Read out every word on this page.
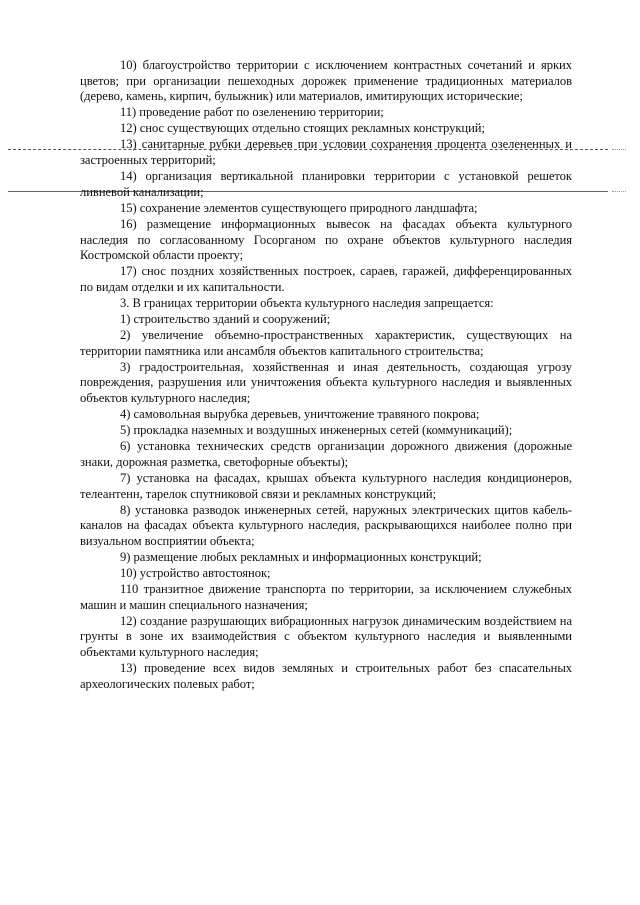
10) благоустройство территории с исключением контрастных сочетаний и ярких цветов; при организации пешеходных дорожек применение традиционных материалов (дерево, камень, кирпич, булыжник) или материалов, имитирующих исторические;

11) проведение работ по озеленению территории;

12) снос существующих отдельно стоящих рекламных конструкций;

13) санитарные рубки деревьев при условии сохранения процента озелененных и застроенных территорий;

14) организация вертикальной планировки территории с установкой решеток ливневой канализации;

15) сохранение элементов существующего природного ландшафта;

16) размещение информационных вывесок на фасадах объекта культурного наследия по согласованному Госорганом по охране объектов культурного наследия Костромской области проекту;

17) снос поздних хозяйственных построек, сараев, гаражей, дифференцированных по видам отделки и их капитальности.

3. В границах территории объекта культурного наследия запрещается:

1) строительство зданий и сооружений;

2) увеличение объемно-пространственных характеристик, существующих на территории памятника или ансамбля объектов капитального строительства;

3) градостроительная, хозяйственная и иная деятельность, создающая угрозу повреждения, разрушения или уничтожения объекта культурного наследия и выявленных объектов культурного наследия;

4) самовольная вырубка деревьев, уничтожение травяного покрова;

5) прокладка наземных и воздушных инженерных сетей (коммуникаций);

6) установка технических средств организации дорожного движения (дорожные знаки, дорожная разметка, светофорные объекты);

7) установка на фасадах, крышах объекта культурного наследия кондиционеров, телеантенн, тарелок спутниковой связи и рекламных конструкций;

8) установка разводок инженерных сетей, наружных электрических щитов кабель-каналов на фасадах объекта культурного наследия, раскрывающихся наиболее полно при визуальном восприятии объекта;

9) размещение любых рекламных и информационных конструкций;

10) устройство автостоянок;

110 транзитное движение транспорта по территории, за исключением служебных машин и машин специального назначения;

12) создание разрушающих вибрационных нагрузок динамическим воздействием на грунты в зоне их взаимодействия с объектом культурного наследия и выявленными объектами культурного наследия;

13) проведение всех видов земляных и строительных работ без спасательных археологических полевых работ;
